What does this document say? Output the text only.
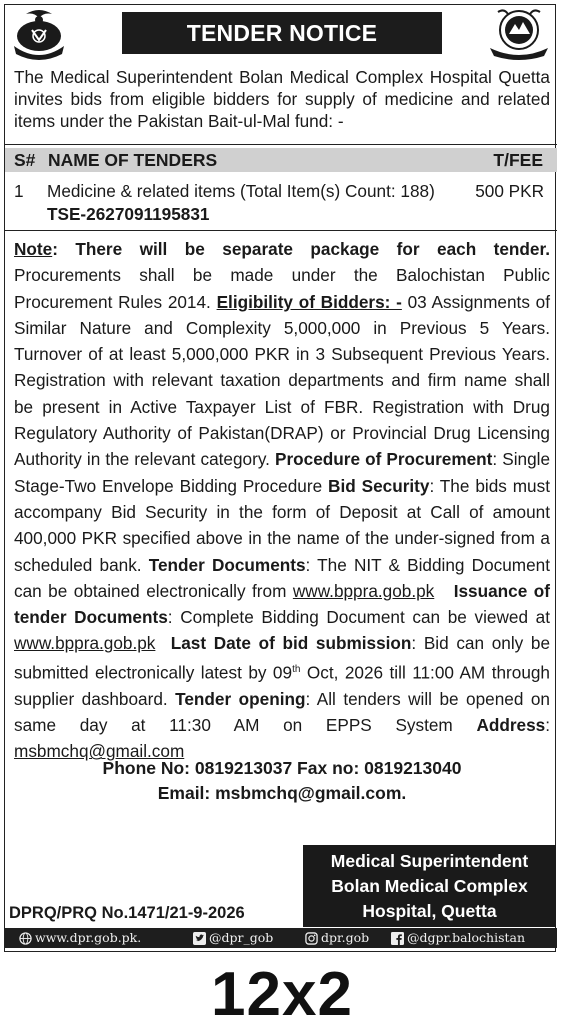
TENDER NOTICE
The Medical Superintendent Bolan Medical Complex Hospital Quetta invites bids from eligible bidders for supply of medicine and related items under the Pakistan Bait-ul-Mal fund: -
S# NAME OF TENDERS	T/FEE
1 Medicine & related items (Total Item(s) Count: 188) 500 PKR
TSE-2627091195831

Note: There will be separate package for each tender. Procurements shall be made under the Balochistan Public Procurement Rules 2014. Eligibility of Bidders: - 03 Assignments of Similar Nature and Complexity 5,000,000 in Previous 5 Years. Turnover of at least 5,000,000 PKR in 3 Subsequent Previous Years. Registration with relevant taxation departments and firm name shall be present in Active Taxpayer List of FBR. Registration with Drug Regulatory Authority of Pakistan(DRAP) or Provincial Drug Licensing Authority in the relevant category. Procedure of Procurement: Single Stage-Two Envelope Bidding Procedure Bid Security: The bids must accompany Bid Security in the form of Deposit at Call of amount 400,000 PKR specified above in the name of the under-signed from a scheduled bank. Tender Documents: The NIT & Bidding Document can be obtained electronically from www.bppra.gob.pk Issuance of tender Documents: Complete Bidding Document can be viewed at www.bppra.gob.pk Last Date of bid submission: Bid can only be submitted electronically latest by 09th Oct, 2026 till 11:00 AM through supplier dashboard. Tender opening: All tenders will be opened on same day at 11:30 AM on EPPS System Address: msbmchq@gmail.com

Phone No: 0819213037 Fax no: 0819213040
Email: msbmchq@gmail.com.
Medical Superintendent
Bolan Medical Complex
Hospital, Quetta
DPRQ/PRQ No.1471/21-9-2026
www.dpr.gob.pk.	@dpr_gob	dpr.gob	@dgpr.balochistan
12x2
